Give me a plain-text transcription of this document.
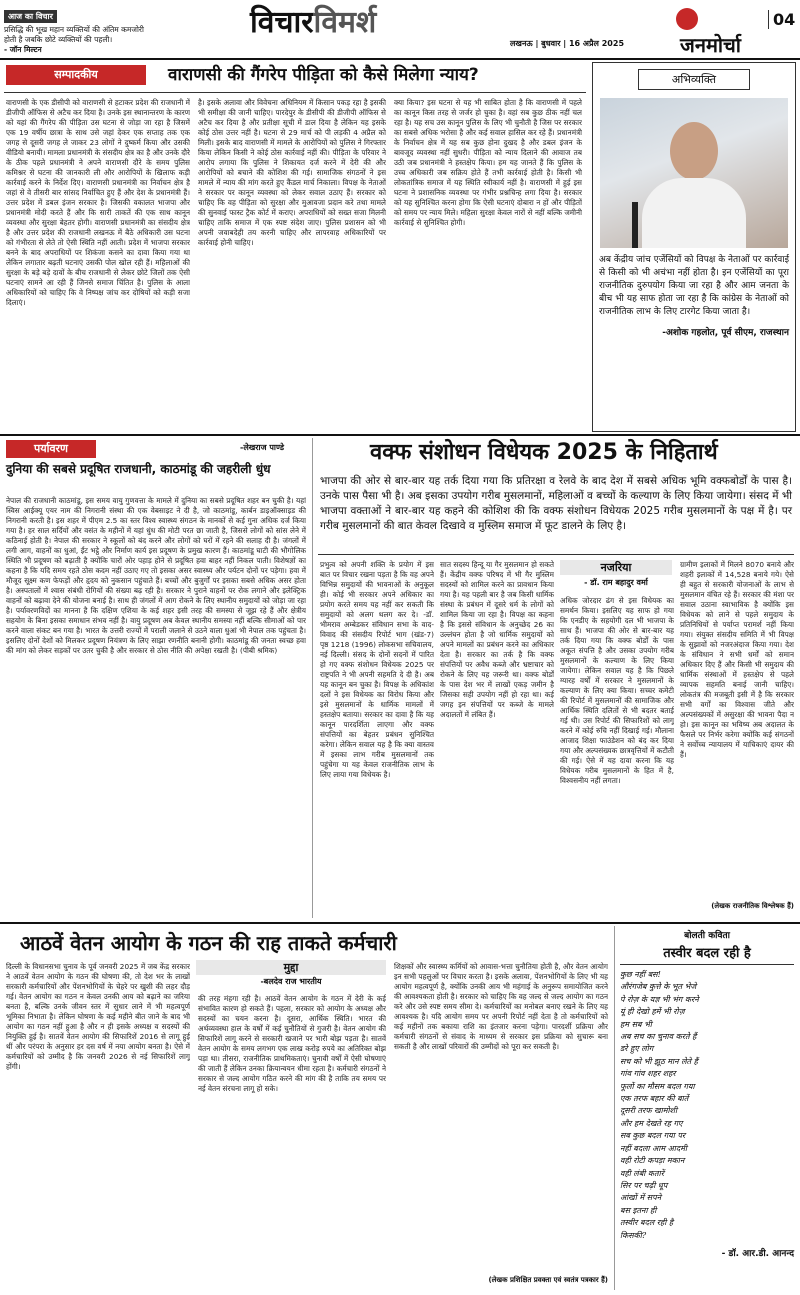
आज का विचार
प्रसिद्धि की भूख महान व्यक्तियों की अंतिम कमजोरी होती है जबकि छोटे व्यक्तियों की पहली।
- जॉन मिल्टन
विचारविमर्श
लखनऊ | बुधवार | 16 अप्रैल 2025
04
जनमोर्चा
सम्पादकीय	वाराणसी की गैंगरेप पीड़िता को कैसे मिलेगा न्याय?
वाराणसी के एक डीसीपी को वाराणसी से हटाकर प्रदेश की राजधानी में डीजीपी ऑफिस से अटैच कर दिया है। उनके इस स्थानान्तरण के कारण को यहां की गैंगरेप की पीड़िता उस घटना से जोड़ा जा रहा है जिसमें एक 19 वर्षीय छात्रा के साथ उसे जहां देकर एक सप्ताह तक एक जगह से दूसरी जगह ले जाकर 23 लोगों ने दुष्कर्म किया और उसकी वीडियो बनायी। मामला प्रधानमंत्री के संसदीय क्षेत्र का है और उनके दौरे के ठीक पहले प्रधानमंत्री ने अपने वाराणसी दौरे के समय पुलिस कमिश्नर से घटना की जानकारी ली और आरोपियों के खिलाफ कड़ी कार्रवाई करने के निर्देश दिए। वाराणसी प्रधानमंत्री का निर्वाचन क्षेत्र है जहां से वे तीसरी बार सांसद निर्वाचित हुए हैं और देश के प्रधानमंत्री हैं। उत्तर प्रदेश में डबल इंजन सरकार है। जिसकी वकालत भाजपा और प्रधानमंत्री मोदी करते हैं और कि सारी ताकतें की एक साथ कानून व्यवस्था और सुरक्षा बेहतर होगी। वाराणसी प्रधानमंत्री का संसदीय क्षेत्र है और उत्तर प्रदेश की राजधानी लखनऊ में बैठे अधिकारी उस घटना को गंभीरता से लेते तो ऐसी स्थिति नहीं आती। प्रदेश में भाजपा सरकार बनने के बाद अपराधियों पर शिकंजा कसने का दावा किया गया था लेकिन लगातार बढ़ती घटनाएं उसकी पोल खोल रही हैं। महिलाओं की सुरक्षा के बड़े बड़े दावों के बीच राजधानी से लेकर छोटे जिलों तक ऐसी घटनाएं सामने आ रही हैं जिनसे समाज चिंतित है। पुलिस के आला अधिकारियों को चाहिए कि वे निष्पक्ष जांच कर दोषियों को कड़ी सजा दिलाएं।
है। इसके अलावा और विवेचना अधिनियम में किसान पकड़ रहा है इसकी भी समीक्षा की जानी चाहिए। पारदेपुर के डीसीपी की डीजीपी ऑफिस से अटैच कर दिया है और प्रतीक्षा सूची में डाल दिया है लेकिन यह इसके कोई ठोस उत्तर नहीं है। घटना से 29 मार्च को पी लड़की 4 अप्रैल को मिली। इसके बाद वाराणसी में मामले के आरोपियों को पुलिस ने गिरफ्तार किया लेकिन किसी ने कोई ठोस कार्रवाई नहीं की। पीड़िता के परिवार ने आरोप लगाया कि पुलिस ने शिकायत दर्ज करने में देरी की और आरोपियों को बचाने की कोशिश की गई। सामाजिक संगठनों ने इस मामले में न्याय की मांग करते हुए कैंडल मार्च निकाला। विपक्ष के नेताओं ने सरकार पर कानून व्यवस्था को लेकर सवाल उठाए हैं। सरकार को चाहिए कि वह पीड़िता को सुरक्षा और मुआवजा प्रदान करे तथा मामले की सुनवाई फास्ट ट्रैक कोर्ट में कराए। अपराधियों को सख्त सजा मिलनी चाहिए ताकि समाज में एक स्पष्ट संदेश जाए। पुलिस प्रशासन को भी अपनी जवाबदेही तय करनी चाहिए और लापरवाह अधिकारियों पर कार्रवाई होनी चाहिए।
क्या किया? इस घटना से यह भी साबित होता है कि वाराणसी में पहले का कानून किस तरह से जर्जर हो चुका है। वहां सब कुछ ठीक नहीं चल रहा है। यह सच उस कानून पुलिस के लिए भी चुनौती है जिस पर सरकार का सबसे अधिक भरोसा है और कई सवाल हासिल कर रहे हैं। प्रधानमंत्री के निर्वाचन क्षेत्र में यह सब कुछ होना दुखद है और डबल इंजन के बावजूद व्यवस्था नहीं सुधरी। पीड़िता को न्याय दिलाने की आवाज तब उठी जब प्रधानमंत्री ने हस्तक्षेप किया। हम यह जानते हैं कि पुलिस के उच्च अधिकारी जब सक्रिय होते हैं तभी कार्रवाई होती है। किसी भी लोकतांत्रिक समाज में यह स्थिति स्वीकार्य नहीं है। वाराणसी में हुई इस घटना ने प्रशासनिक व्यवस्था पर गंभीर प्रश्नचिन्ह लगा दिया है। सरकार को यह सुनिश्चित करना होगा कि ऐसी घटनाएं दोबारा न हों और पीड़ितों को समय पर न्याय मिले। महिला सुरक्षा केवल नारों से नहीं बल्कि जमीनी कार्रवाई से सुनिश्चित होगी।
अभिव्यक्ति
अब केंद्रीय जांच एजेंसियों को विपक्ष के नेताओं पर कार्रवाई से किसी को भी अचंभा नहीं होता है। इन एजेंसियों का पूरा राजनीतिक दुरुपयोग किया जा रहा है और आम जनता के बीच भी यह साफ होता जा रहा है कि कांग्रेस के नेताओं को राजनीतिक लाभ के लिए टारगेट किया जाता है।
-अशोक गहलोत, पूर्व सीएम, राजस्थान
पर्यावरण	-लेखराज पाण्डे
दुनिया की सबसे प्रदूषित राजधानी, काठमांडू की जहरीली धुंध
नेपाल की राजधानी काठमांडू, इस समय वायु गुणवत्ता के मामले में दुनिया का सबसे प्रदूषित शहर बन चुकी है। यहां स्विस आईक्यू एयर नाम की निगरानी संस्था की एक वेबसाइट ने दी है, जो काठमांडू, कार्बन डाइऑक्साइड की निगरानी करती है। इस शहर में पीएम 2.5 का स्तर विश्व स्वास्थ्य संगठन के मानकों से कई गुना अधिक दर्ज किया गया है। हर साल सर्दियों और वसंत के महीनों में यहां धुंध की मोटी परत छा जाती है, जिससे लोगों को सांस लेने में कठिनाई होती है। नेपाल की सरकार ने स्कूलों को बंद करने और लोगों को घरों में रहने की सलाह दी है। जंगलों में लगी आग, वाहनों का धुआं, ईंट भट्ठे और निर्माण कार्य इस प्रदूषण के प्रमुख कारण हैं। काठमांडू घाटी की भौगोलिक स्थिति भी प्रदूषण को बढ़ाती है क्योंकि चारों ओर पहाड़ होने से प्रदूषित हवा बाहर नहीं निकल पाती। विशेषज्ञों का कहना है कि यदि समय रहते ठोस कदम नहीं उठाए गए तो इसका असर स्वास्थ्य और पर्यटन दोनों पर पड़ेगा। हवा में मौजूद सूक्ष्म कण फेफड़ों और हृदय को नुकसान पहुंचाते हैं। बच्चों और बुजुर्गों पर इसका सबसे अधिक असर होता है। अस्पतालों में श्वास संबंधी रोगियों की संख्या बढ़ रही है। सरकार ने पुराने वाहनों पर रोक लगाने और इलेक्ट्रिक वाहनों को बढ़ावा देने की योजना बनाई है। साथ ही जंगलों में आग रोकने के लिए स्थानीय समुदायों को जोड़ा जा रहा है। पर्यावरणविदों का मानना है कि दक्षिण एशिया के कई शहर इसी तरह की समस्या से जूझ रहे हैं और क्षेत्रीय सहयोग के बिना इसका समाधान संभव नहीं है। वायु प्रदूषण अब केवल स्थानीय समस्या नहीं बल्कि सीमाओं को पार करने वाला संकट बन गया है। भारत के उत्तरी राज्यों में पराली जलाने से उठने वाला धुआं भी नेपाल तक पहुंचता है। इसलिए दोनों देशों को मिलकर प्रदूषण नियंत्रण के लिए साझा रणनीति बनानी होगी। काठमांडू की जनता स्वच्छ हवा की मांग को लेकर सड़कों पर उतर चुकी है और सरकार से ठोस नीति की अपेक्षा रखती है। (पीबी श्रमिक)
वक्फ संशोधन विधेयक 2025 के निहितार्थ
भाजपा की ओर से बार-बार यह तर्क दिया गया कि प्रतिरक्षा व रेलवे के बाद देश में सबसे अधिक भूमि वक्फबोर्डों के पास है। उनके पास पैसा भी है। अब इसका उपयोग गरीब मुसलमानों, महिलाओं व बच्चों के कल्याण के लिए किया जायेगा। संसद में भी भाजपा वक्ताओं ने बार-बार यह कहने की कोशिश की कि वक्फ संशोधन विधेयक 2025 गरीब मुसलमानों के पक्ष में है। पर गरीब मुसलमानों की बात केवल दिखावे व मुस्लिम समाज में फूट डालने के लिए है।
प्रभुत्व को अपनी शक्ति के प्रयोग में इस बात पर विचार रखना पड़ता है कि वह अपने विभिन्न समुदायों की भावनाओं के अनुकूल ही। कोई भी सरकार अपने अधिकार का प्रयोग करते समय यह नहीं कर सकती कि समुदायों को अलग थलग कर दे। -डॉ. भीमराव अम्बेडकर संविधान सभा के वाद-विवाद की संसदीय रिपोर्ट भाग (खंड-7) पृष्ठ 1218 (1996) लोकसभा सचिवालय, नई दिल्ली। संसद के दोनों सदनों में पारित हो गए वक्फ संशोधन विधेयक 2025 पर राष्ट्रपति ने भी अपनी सहमति दे दी है। अब यह कानून बन चुका है। विपक्ष के अधिकांश दलों ने इस विधेयक का विरोध किया और इसे मुसलमानों के धार्मिक मामलों में हस्तक्षेप बताया। सरकार का दावा है कि यह कानून पारदर्शिता लाएगा और वक्फ संपत्तियों का बेहतर प्रबंधन सुनिश्चित करेगा। लेकिन सवाल यह है कि क्या वास्तव में इसका लाभ गरीब मुसलमानों तक पहुंचेगा या यह केवल राजनीतिक लाभ के लिए लाया गया विधेयक है।
सात सदस्य हिन्दू या गैर मुसलमान हो सकते हैं। केंद्रीय वक्फ परिषद में भी गैर मुस्लिम सदस्यों को शामिल करने का प्रावधान किया गया है। यह पहली बार है जब किसी धार्मिक संस्था के प्रबंधन में दूसरे धर्म के लोगों को शामिल किया जा रहा है। विपक्ष का कहना है कि इससे संविधान के अनुच्छेद 26 का उल्लंघन होता है जो धार्मिक समुदायों को अपने मामलों का प्रबंधन करने का अधिकार देता है। सरकार का तर्क है कि वक्फ संपत्तियों पर अवैध कब्जे और भ्रष्टाचार को रोकने के लिए यह जरूरी था। वक्फ बोर्डों के पास देश भर में लाखों एकड़ जमीन है जिसका सही उपयोग नहीं हो रहा था। कई जगह इन संपत्तियों पर कब्जे के मामले अदालतों में लंबित हैं।
नजरिया
- डॉ. राम बहादुर वर्मा
अधिक जोरदार ढंग से इस विधेयक का समर्थन किया। इसलिए यह साफ हो गया कि एनडीए के सहयोगी दल भी भाजपा के साथ हैं। भाजपा की ओर से बार-बार यह तर्क दिया गया कि वक्फ बोर्डों के पास अकूत संपत्ति है और उसका उपयोग गरीब मुसलमानों के कल्याण के लिए किया जायेगा। लेकिन सवाल यह है कि पिछले ग्यारह वर्षों में सरकार ने मुसलमानों के कल्याण के लिए क्या किया। सच्चर कमेटी की रिपोर्ट में मुसलमानों की सामाजिक और आर्थिक स्थिति दलितों से भी बदतर बताई गई थी। उस रिपोर्ट की सिफारिशों को लागू करने में कोई रुचि नहीं दिखाई गई। मौलाना आजाद शिक्षा फाउंडेशन को बंद कर दिया गया और अल्पसंख्यक छात्रवृत्तियों में कटौती की गई। ऐसे में यह दावा करना कि यह विधेयक गरीब मुसलमानों के हित में है, विश्वसनीय नहीं लगता।
ग्रामीण इलाकों में मिलने 8070 बनाये और शहरी इलाकों में 14,528 बनाये गये। ऐसे ही बहुत से सरकारी योजनाओं के लाभ से मुसलमान वंचित रहे हैं। सरकार की मंशा पर सवाल उठाना स्वाभाविक है क्योंकि इस विधेयक को लाने से पहले समुदाय के प्रतिनिधियों से पर्याप्त परामर्श नहीं किया गया। संयुक्त संसदीय समिति में भी विपक्ष के सुझावों को नजरअंदाज किया गया। देश के संविधान ने सभी धर्मों को समान अधिकार दिए हैं और किसी भी समुदाय की धार्मिक संस्थाओं में हस्तक्षेप से पहले व्यापक सहमति बनाई जानी चाहिए। लोकतंत्र की मजबूती इसी में है कि सरकार सभी वर्गों का विश्वास जीते और अल्पसंख्यकों में असुरक्षा की भावना पैदा न हो। इस कानून का भविष्य अब अदालत के फैसले पर निर्भर करेगा क्योंकि कई संगठनों ने सर्वोच्च न्यायालय में याचिकाएं दायर की हैं।
(लेखक राजनीतिक विश्लेषक हैं)
आठवें वेतन आयोग के गठन की राह ताकते कर्मचारी
मुद्दा
-बलदेव राज भारतीय
दिल्ली के विधानसभा चुनाव के पूर्व जनवरी 2025 में जब केंद्र सरकार ने आठवें वेतन आयोग के गठन की घोषणा की, तो देश भर के लाखों सरकारी कर्मचारियों और पेंशनभोगियों के चेहरे पर खुशी की लहर दौड़ गई। वेतन आयोग का गठन न केवल उनकी आय को बढ़ाने का जरिया बनता है, बल्कि उनके जीवन स्तर में सुधार लाने में भी महत्वपूर्ण भूमिका निभाता है। लेकिन घोषणा के कई महीने बीत जाने के बाद भी आयोग का गठन नहीं हुआ है और न ही इसके अध्यक्ष व सदस्यों की नियुक्ति हुई है। सातवें वेतन आयोग की सिफारिशें 2016 से लागू हुई थीं और परंपरा के अनुसार हर दस वर्ष में नया आयोग बनता है। ऐसे में कर्मचारियों को उम्मीद है कि जनवरी 2026 से नई सिफारिशें लागू होंगी।
की तरह मंहगा रही है। आठवें वेतन आयोग के गठन में देरी के कई संभावित कारण हो सकते हैं। पहला, सरकार को आयोग के अध्यक्ष और सदस्यों का चयन करना है। दूसरा, आर्थिक स्थिति। भारत की अर्थव्यवस्था हाल के वर्षों में कई चुनौतियों से गुजरी है। वेतन आयोग की सिफारिशें लागू करने से सरकारी खजाने पर भारी बोझ पड़ता है। सातवें वेतन आयोग के समय लगभग एक लाख करोड़ रुपये का अतिरिक्त बोझ पड़ा था। तीसरा, राजनीतिक प्राथमिकताएं। चुनावी वर्षों में ऐसी घोषणाएं की जाती हैं लेकिन उनका क्रियान्वयन धीमा रहता है। कर्मचारी संगठनों ने सरकार से जल्द आयोग गठित करने की मांग की है ताकि तय समय पर नई वेतन संरचना लागू हो सके।
शिक्षकों और स्वास्थ्य कर्मियों को आवास-भत्ता चुनौतिया होती है, और वेतन आयोग इन सभी पहलुओं पर विचार करता है। इसके अलावा, पेंशनभोगियों के लिए भी यह आयोग महत्वपूर्ण है, क्योंकि उनकी आय भी महंगाई के अनुरूप समायोजित करने की आवश्यकता होती है। सरकार को चाहिए कि वह जल्द से जल्द आयोग का गठन करे और उसे स्पष्ट समय सीमा दे। कर्मचारियों का मनोबल बनाए रखने के लिए यह आवश्यक है। यदि आयोग समय पर अपनी रिपोर्ट नहीं देता है तो कर्मचारियों को कई महीनों तक बकाया राशि का इंतजार करना पड़ेगा। पारदर्शी प्रक्रिया और कर्मचारी संगठनों से संवाद के माध्यम से सरकार इस प्रक्रिया को सुचारू बना सकती है और लाखों परिवारों की उम्मीदों को पूरा कर सकती है।
(लेखक प्रशिक्षित प्रवक्ता एवं स्वतंत्र पत्रकार हैं)
बोलती कविता
तस्वीर बदल रही है
कुछ नहीं बस!
औरंगजेब कुत्ते के भूत भेजे
पे रोज़ के यज्ञ भी भंग करने
यूं ही देखो हमें भी रोज़
हम सब भी
अब सच का चुनाव करते हैं
डरे हुए लोग
सच को भी झूठ मान लेते हैं
गांव गांव शहर शहर
फूलों का मौसम बदल गया
एक तरफ बहार की बातें
दूसरी तरफ खामोशी
और हम देखते रह गए
सब कुछ बदल गया पर
नहीं बदला आम आदमी
वही रोटी कपड़ा मकान
वही लंबी कतारें
सिर पर चढ़ी धूप
आंखों में सपने
बस इतना ही
तस्वीर बदल रही है
किसकी?
- डॉ. आर.डी. आनन्द
